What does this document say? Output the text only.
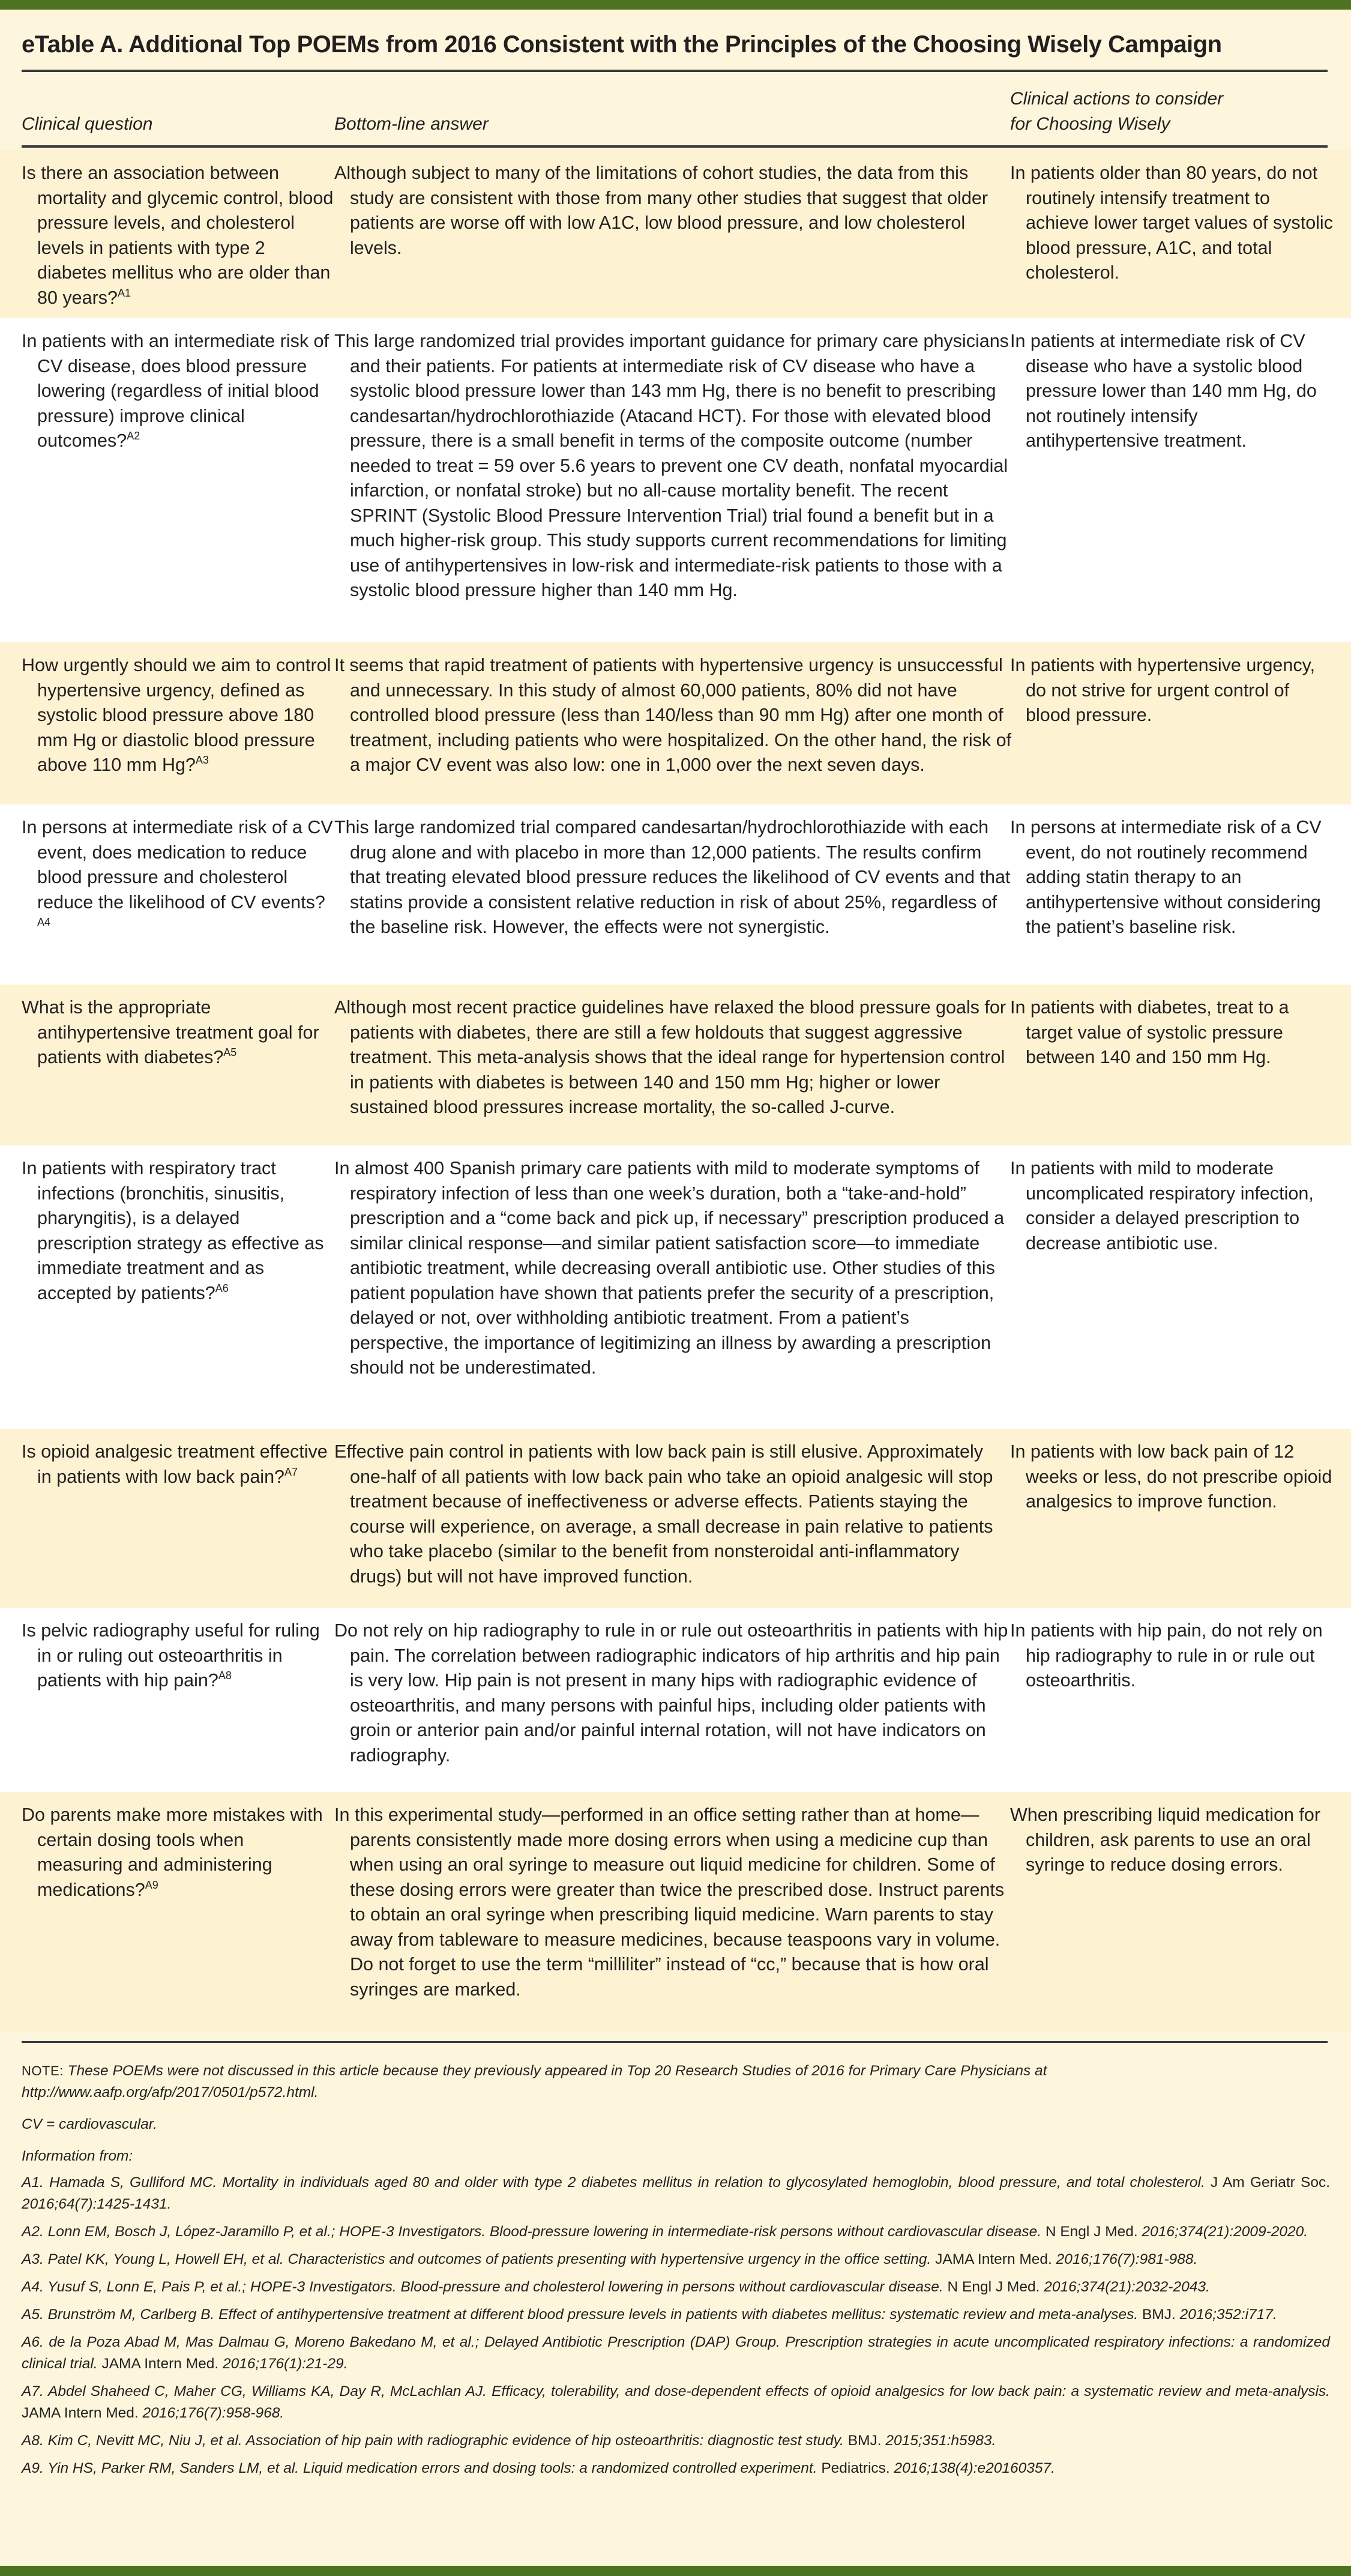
eTable A. Additional Top POEMs from 2016 Consistent with the Principles of the Choosing Wisely Campaign
Clinical question	Bottom-line answer
Clinical actions to consider
for Choosing Wisely
Is there an association between mortality and glycemic control, blood pressure levels, and cholesterol levels in patients with type 2 diabetes mellitus who are older than 80 years?$^{A1}$
Although subject to many of the limitations of cohort studies, the data from this study are consistent with those from many other studies that suggest that older patients are worse off with low A1C, low blood pressure, and low cholesterol levels.
In patients older than 80 years, do not routinely intensify treatment to achieve lower target values of systolic blood pressure, A1C, and total cholesterol.
In patients with an intermediate risk of CV disease, does blood pressure lowering (regardless of initial blood pressure) improve clinical outcomes?$^{A2}$
This large randomized trial provides important guidance for primary care physicians and their patients. For patients at intermediate risk of CV disease who have a systolic blood pressure lower than 143 mm Hg, there is no benefit to prescribing candesartan/hydrochlorothiazide (Atacand HCT). For those with elevated blood pressure, there is a small benefit in terms of the composite outcome (number needed to treat = 59 over 5.6 years to prevent one CV death, nonfatal myocardial infarction, or nonfatal stroke) but no all-cause mortality benefit. The recent SPRINT (Systolic Blood Pressure Intervention Trial) trial found a benefit but in a much higher-risk group. This study supports current recommendations for limiting use of antihypertensives in low-risk and intermediate-risk patients to those with a systolic blood pressure higher than 140 mm Hg.
In patients at intermediate risk of CV disease who have a systolic blood pressure lower than 140 mm Hg, do not routinely intensify antihypertensive treatment.
How urgently should we aim to control hypertensive urgency, defined as systolic blood pressure above 180 mm Hg or diastolic blood pressure above 110 mm Hg?$^{A3}$
It seems that rapid treatment of patients with hypertensive urgency is unsuccessful and unnecessary. In this study of almost 60,000 patients, 80% did not have controlled blood pressure (less than 140/less than 90 mm Hg) after one month of treatment, including patients who were hospitalized. On the other hand, the risk of a major CV event was also low: one in 1,000 over the next seven days.
In patients with hypertensive urgency, do not strive for urgent control of blood pressure.
In persons at intermediate risk of a CV event, does medication to reduce blood pressure and cholesterol reduce the likelihood of CV events?$^{A4}$
This large randomized trial compared candesartan/hydrochlorothiazide with each drug alone and with placebo in more than 12,000 patients. The results confirm that treating elevated blood pressure reduces the likelihood of CV events and that statins provide a consistent relative reduction in risk of about 25%, regardless of the baseline risk. However, the effects were not synergistic.
In persons at intermediate risk of a CV event, do not routinely recommend adding statin therapy to an antihypertensive without considering the patient’s baseline risk.
What is the appropriate antihypertensive treatment goal for patients with diabetes?$^{A5}$
Although most recent practice guidelines have relaxed the blood pressure goals for patients with diabetes, there are still a few holdouts that suggest aggressive treatment. This meta-analysis shows that the ideal range for hypertension control in patients with diabetes is between 140 and 150 mm Hg; higher or lower sustained blood pressures increase mortality, the so-called J-curve.
In patients with diabetes, treat to a target value of systolic pressure between 140 and 150 mm Hg.
In patients with respiratory tract infections (bronchitis, sinusitis, pharyngitis), is a delayed prescription strategy as effective as immediate treatment and as accepted by patients?$^{A6}$
In almost 400 Spanish primary care patients with mild to moderate symptoms of respiratory infection of less than one week’s duration, both a “take-and-hold” prescription and a “come back and pick up, if necessary” prescription produced a similar clinical response—and similar patient satisfaction score—to immediate antibiotic treatment, while decreasing overall antibiotic use. Other studies of this patient population have shown that patients prefer the security of a prescription, delayed or not, over withholding antibiotic treatment. From a patient’s perspective, the importance of legitimizing an illness by awarding a prescription should not be underestimated.
In patients with mild to moderate uncomplicated respiratory infection, consider a delayed prescription to decrease antibiotic use.
Is opioid analgesic treatment effective in patients with low back pain?$^{A7}$
Effective pain control in patients with low back pain is still elusive. Approximately one-half of all patients with low back pain who take an opioid analgesic will stop treatment because of ineffectiveness or adverse effects. Patients staying the course will experience, on average, a small decrease in pain relative to patients who take placebo (similar to the benefit from nonsteroidal anti-inflammatory drugs) but will not have improved function.
In patients with low back pain of 12 weeks or less, do not prescribe opioid analgesics to improve function.
Is pelvic radiography useful for ruling in or ruling out osteoarthritis in patients with hip pain?$^{A8}$
Do not rely on hip radiography to rule in or rule out osteoarthritis in patients with hip pain. The correlation between radiographic indicators of hip arthritis and hip pain is very low. Hip pain is not present in many hips with radiographic evidence of osteoarthritis, and many persons with painful hips, including older patients with groin or anterior pain and/or painful internal rotation, will not have indicators on radiography.
In patients with hip pain, do not rely on hip radiography to rule in or rule out osteoarthritis.
Do parents make more mistakes with certain dosing tools when measuring and administering medications?$^{A9}$
In this experimental study—performed in an office setting rather than at home—parents consistently made more dosing errors when using a medicine cup than when using an oral syringe to measure out liquid medicine for children. Some of these dosing errors were greater than twice the prescribed dose. Instruct parents to obtain an oral syringe when prescribing liquid medicine. Warn parents to stay away from tableware to measure medicines, because teaspoons vary in volume. Do not forget to use the term “milliliter” instead of “cc,” because that is how oral syringes are marked.
When prescribing liquid medication for children, ask parents to use an oral syringe to reduce dosing errors.

NOTE: These POEMs were not discussed in this article because they previously appeared in Top 20 Research Studies of 2016 for Primary Care Physicians at http://www.aafp.org/afp/2017/0501/p572.html.

CV = cardiovascular.

Information from:

A1. Hamada S, Gulliford MC. Mortality in individuals aged 80 and older with type 2 diabetes mellitus in relation to glycosylated hemoglobin, blood pressure, and total cholesterol. J Am Geriatr Soc. 2016;64(7):1425-1431.

A2. Lonn EM, Bosch J, López-Jaramillo P, et al.; HOPE-3 Investigators. Blood-pressure lowering in intermediate-risk persons without cardiovascular disease. N Engl J Med. 2016;374(21):2009-2020.

A3. Patel KK, Young L, Howell EH, et al. Characteristics and outcomes of patients presenting with hypertensive urgency in the office setting. JAMA Intern Med. 2016;176(7):981-988.

A4. Yusuf S, Lonn E, Pais P, et al.; HOPE-3 Investigators. Blood-pressure and cholesterol lowering in persons without cardiovascular disease. N Engl J Med. 2016;374(21):2032-2043.

A5. Brunström M, Carlberg B. Effect of antihypertensive treatment at different blood pressure levels in patients with diabetes mellitus: systematic review and meta-analyses. BMJ. 2016;352:i717.

A6. de la Poza Abad M, Mas Dalmau G, Moreno Bakedano M, et al.; Delayed Antibiotic Prescription (DAP) Group. Prescription strategies in acute uncomplicated respiratory infections: a randomized clinical trial. JAMA Intern Med. 2016;176(1):21-29.

A7. Abdel Shaheed C, Maher CG, Williams KA, Day R, McLachlan AJ. Efficacy, tolerability, and dose-dependent effects of opioid analgesics for low back pain: a systematic review and meta-analysis. JAMA Intern Med. 2016;176(7):958-968.

A8. Kim C, Nevitt MC, Niu J, et al. Association of hip pain with radiographic evidence of hip osteoarthritis: diagnostic test study. BMJ. 2015;351:h5983.

A9. Yin HS, Parker RM, Sanders LM, et al. Liquid medication errors and dosing tools: a randomized controlled experiment. Pediatrics. 2016;138(4):e20160357.
